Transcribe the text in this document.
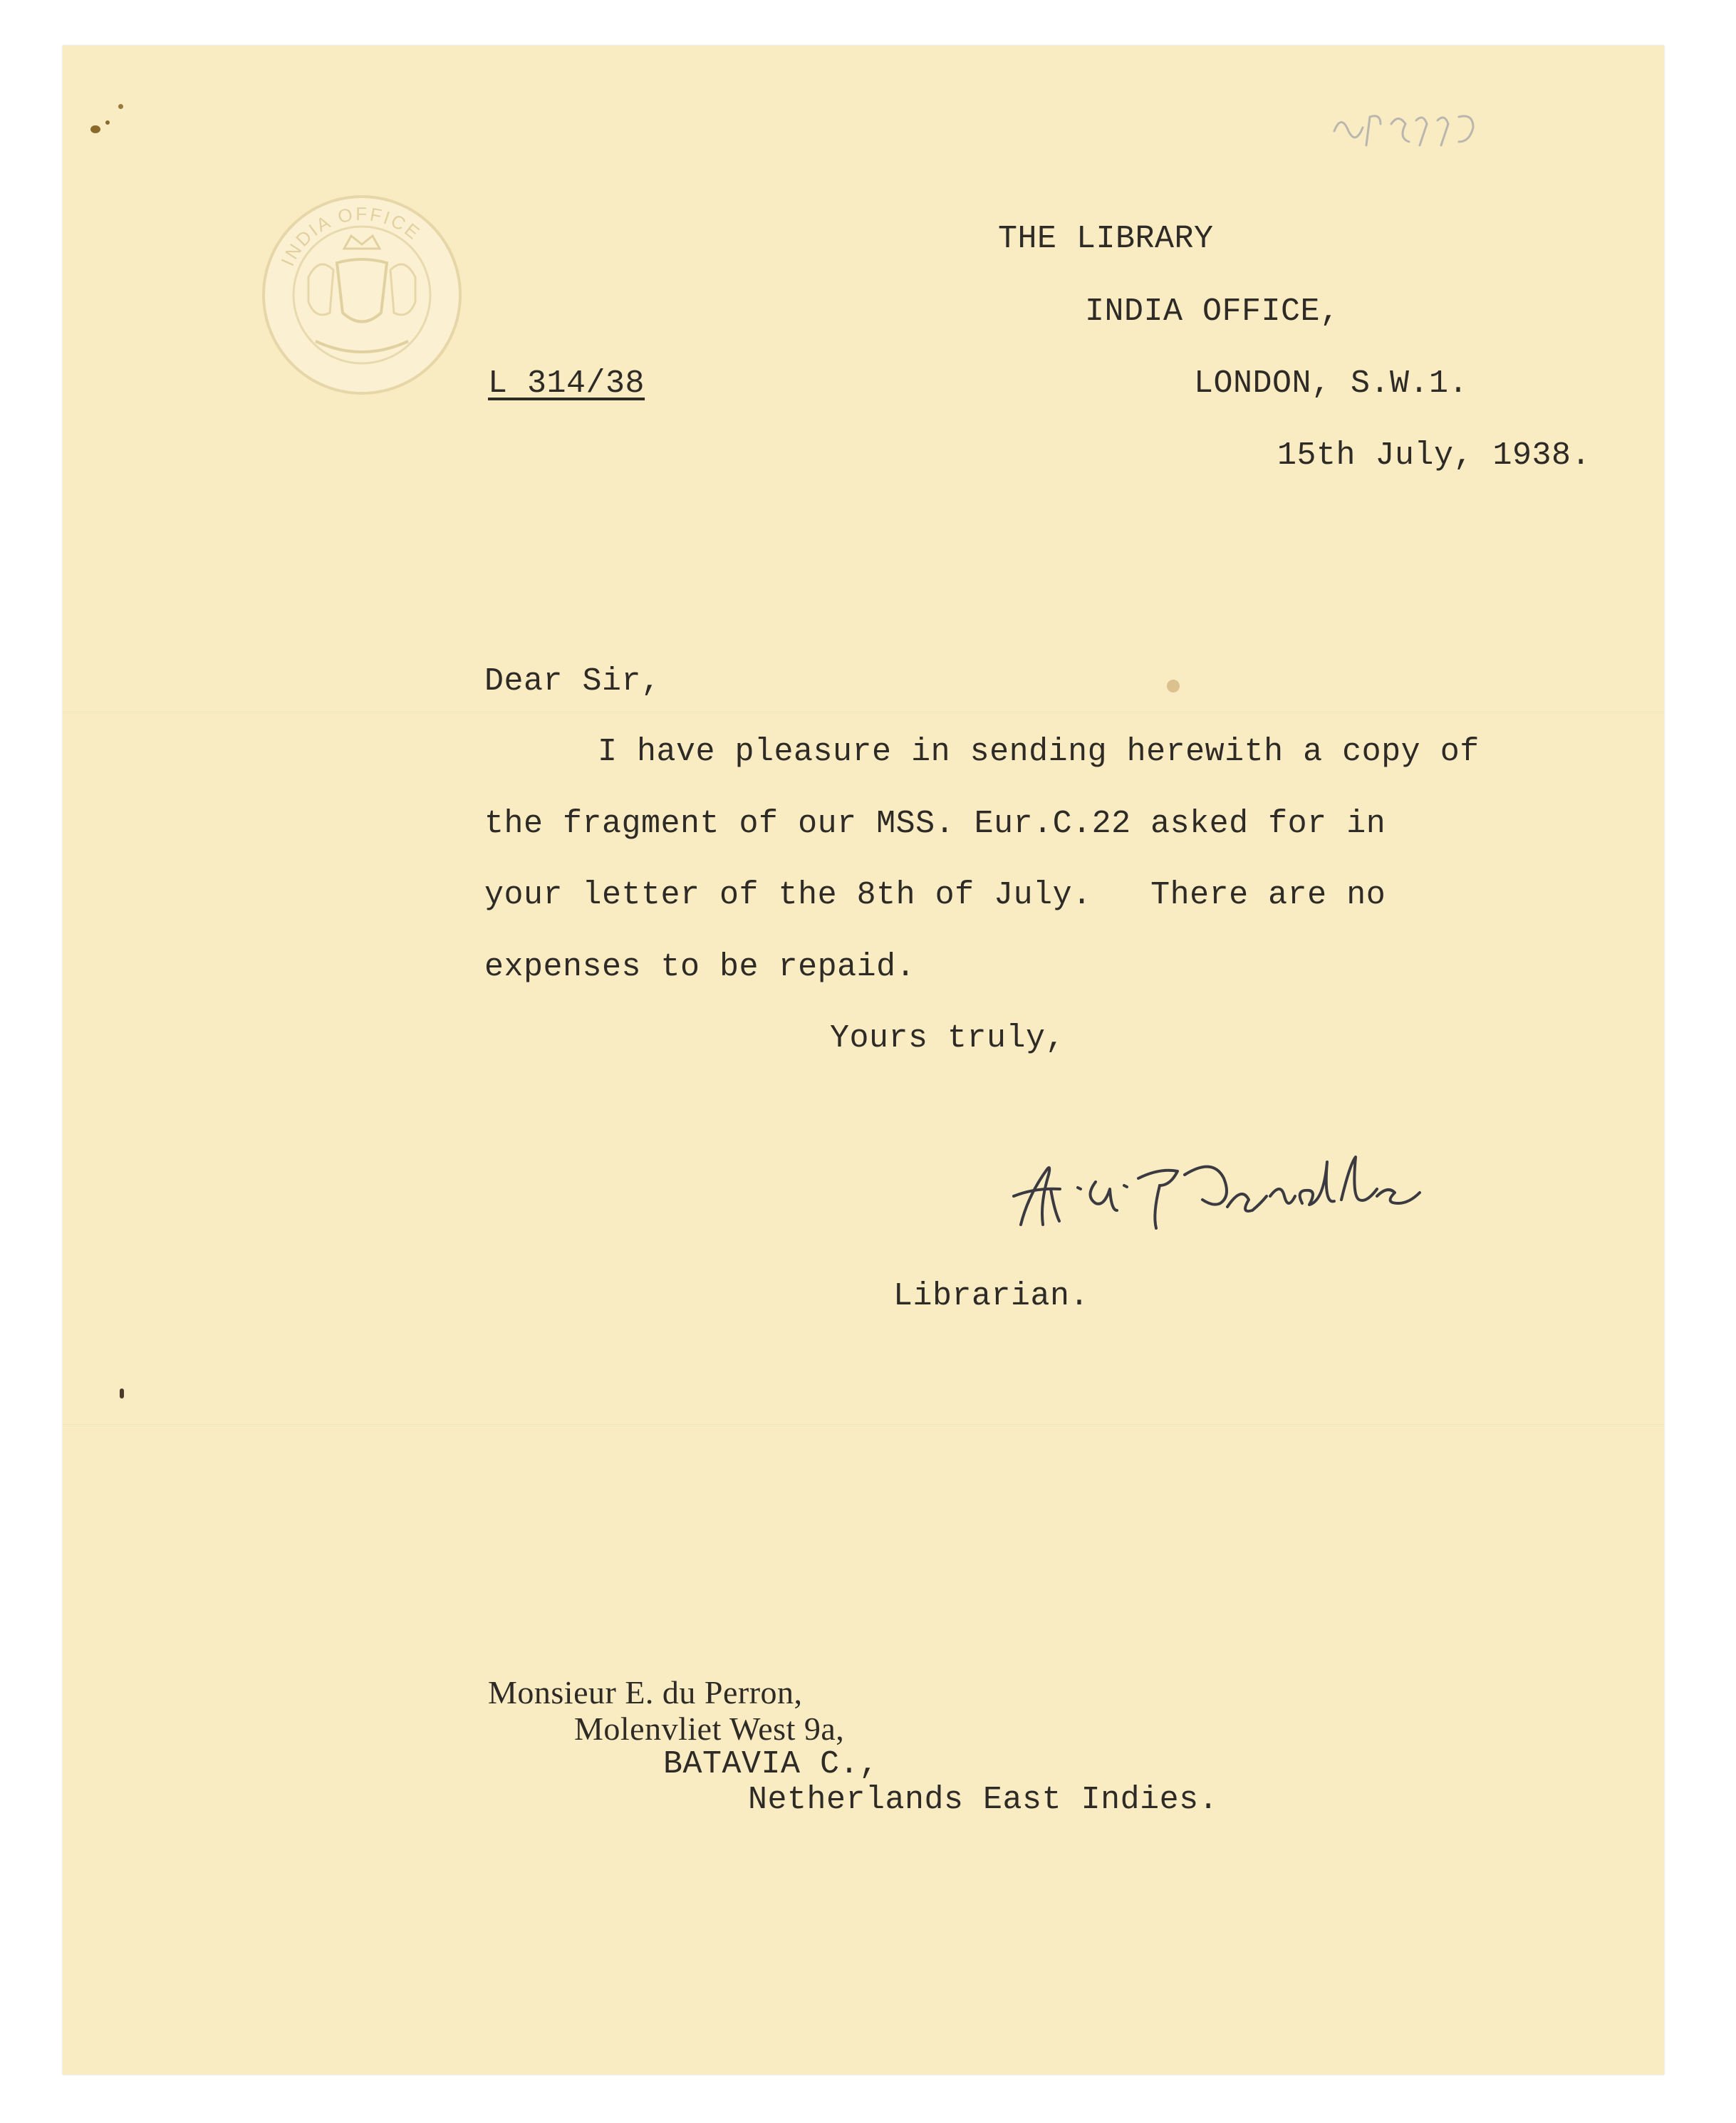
INDIA OFFICE	THE LIBRARY
INDIA OFFICE,
LONDON, S.W.1.
L 314/38
15th July, 1938.
Dear Sir,
I have pleasure in sending herewith a copy of
the fragment of our MSS. Eur.C.22 asked for in
your letter of the 8th of July.   There are no
expenses to be repaid.
Yours truly,
Librarian.
Monsieur E. du Perron,
Molenvliet West 9a,
BATAVIA C.,
Netherlands East Indies.
